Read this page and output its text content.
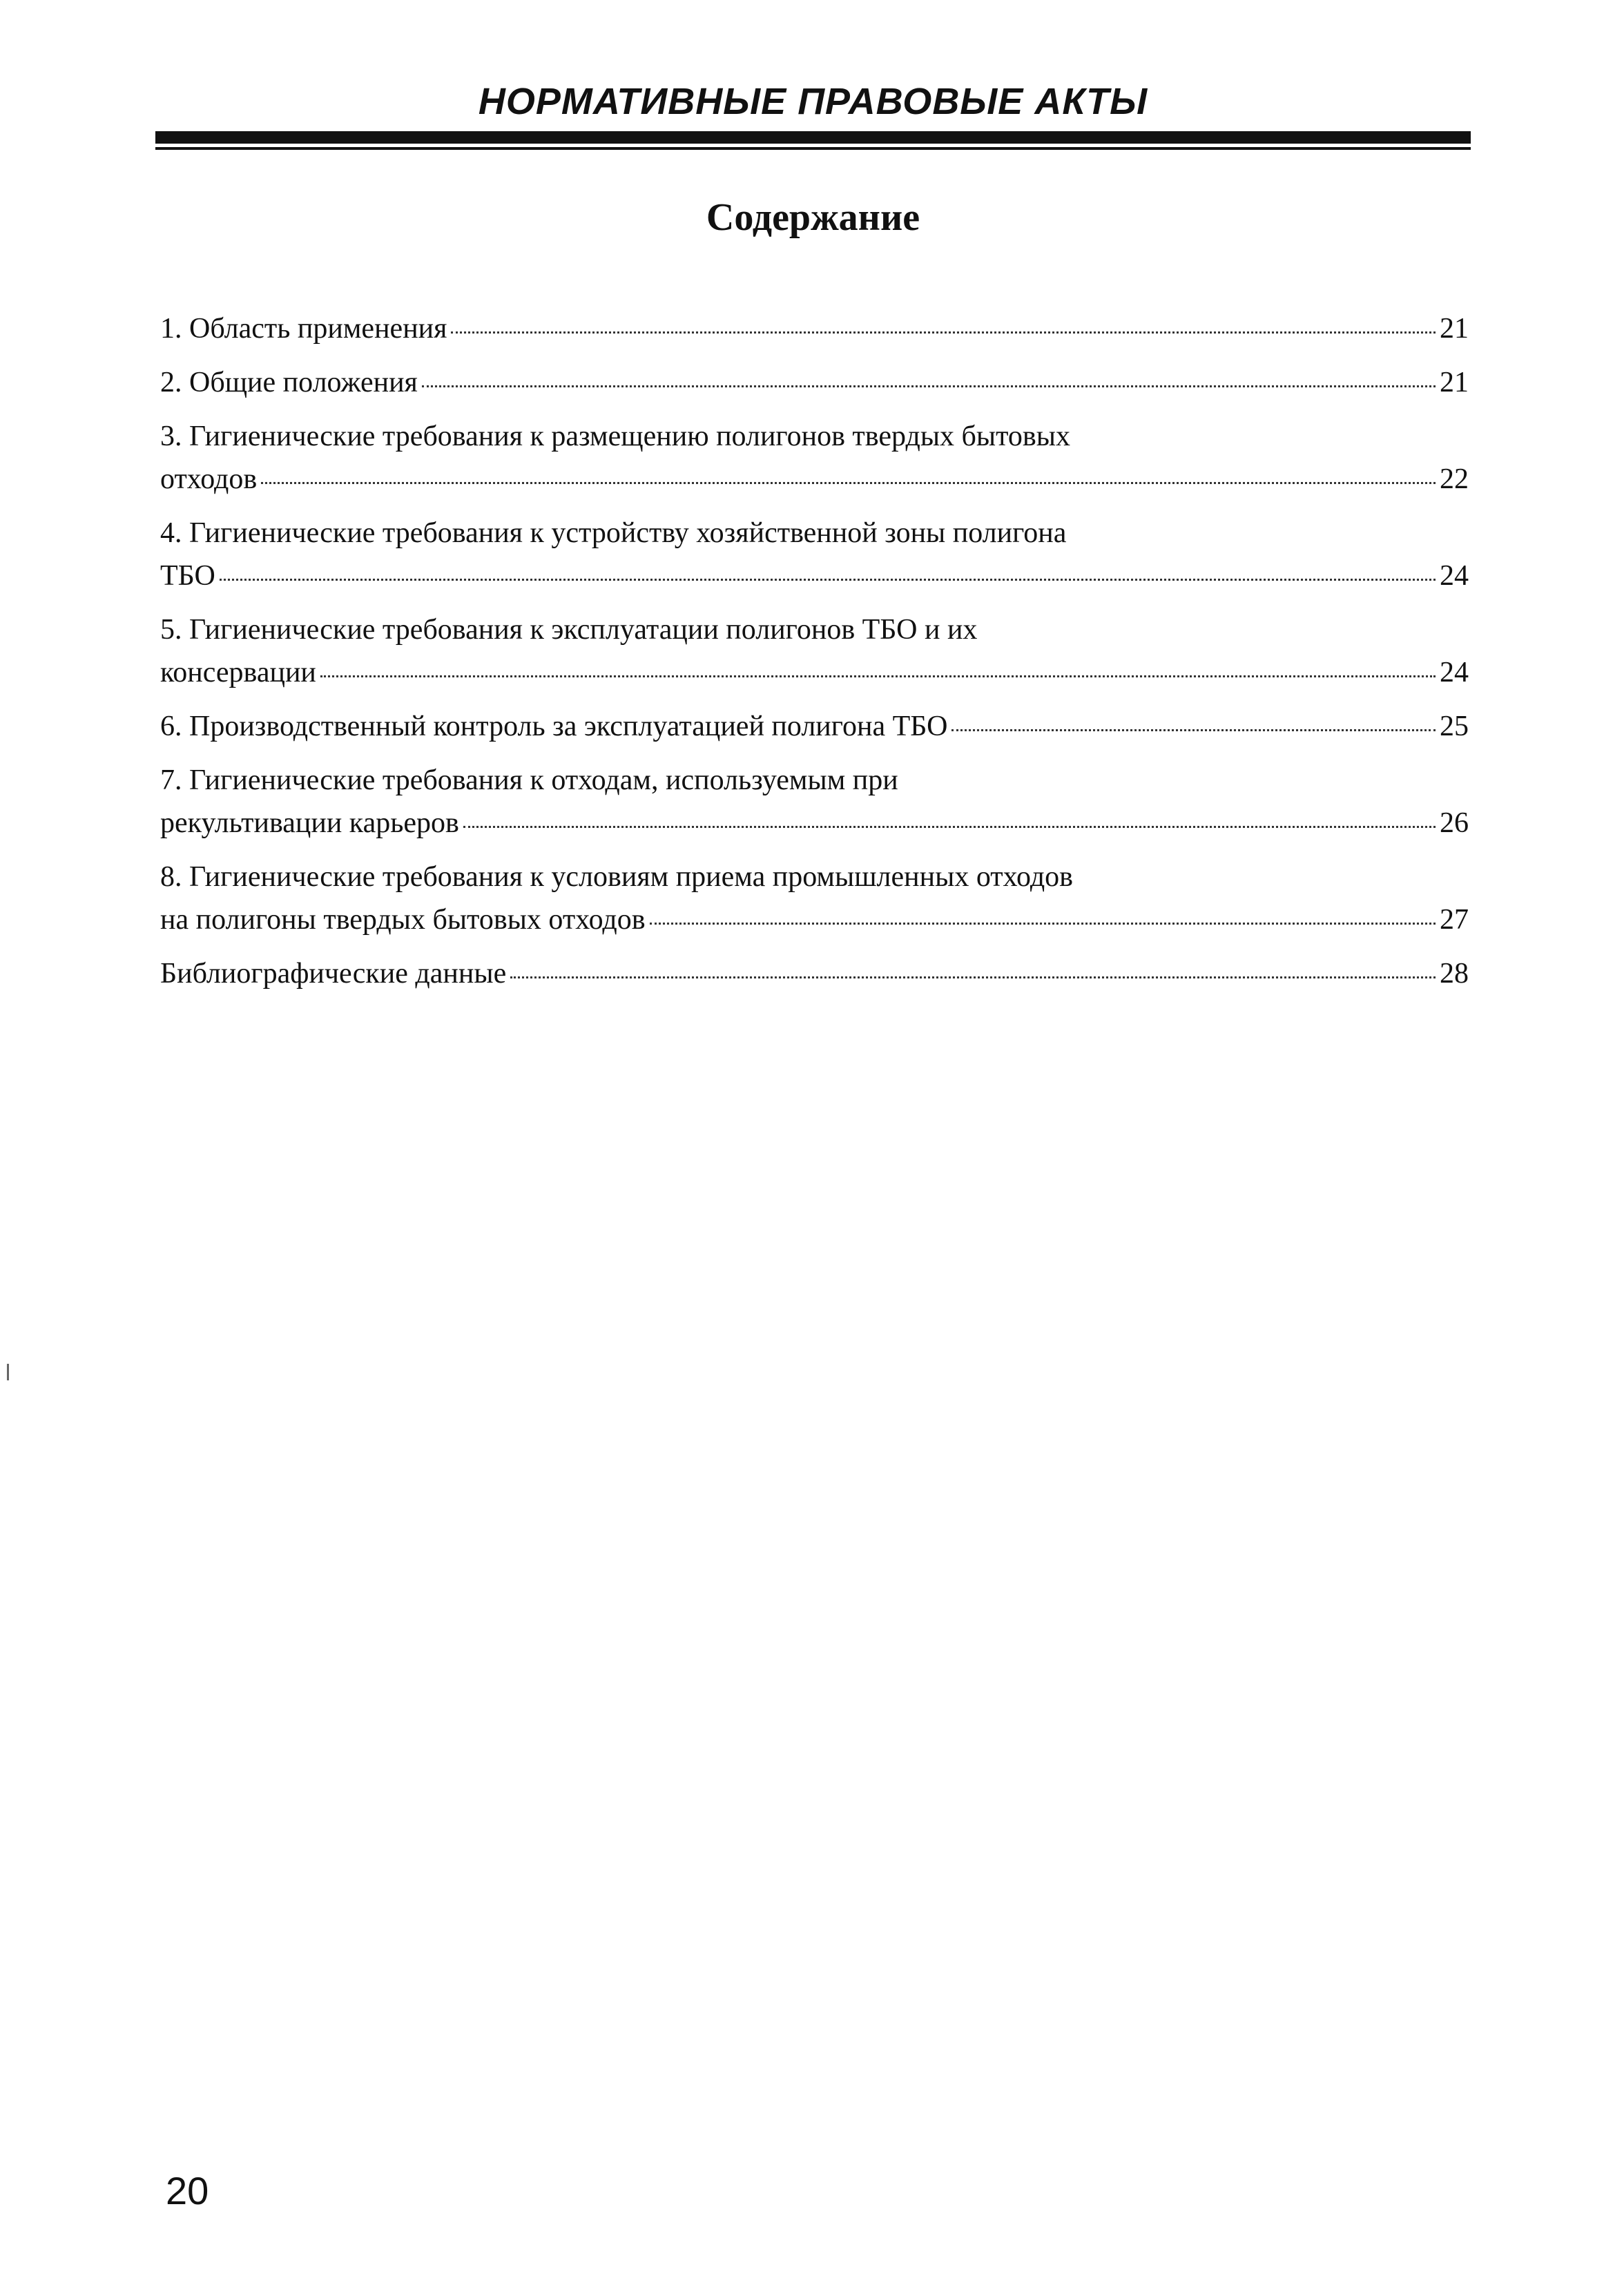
НОРМАТИВНЫЕ ПРАВОВЫЕ АКТЫ
Содержание
1. Область применения	21
2. Общие положения	21
3. Гигиенические требования к размещению полигонов твердых бытовых
отходов	22
4. Гигиенические требования к устройству хозяйственной зоны полигона
ТБО	24
5. Гигиенические требования к эксплуатации полигонов ТБО и их
консервации	24
6. Производственный контроль за эксплуатацией полигона ТБО	25
7. Гигиенические требования к отходам, используемым при
рекультивации карьеров	26
8. Гигиенические требования к условиям приема промышленных отходов
на полигоны твердых бытовых отходов	27
Библиографические данные	28
20
